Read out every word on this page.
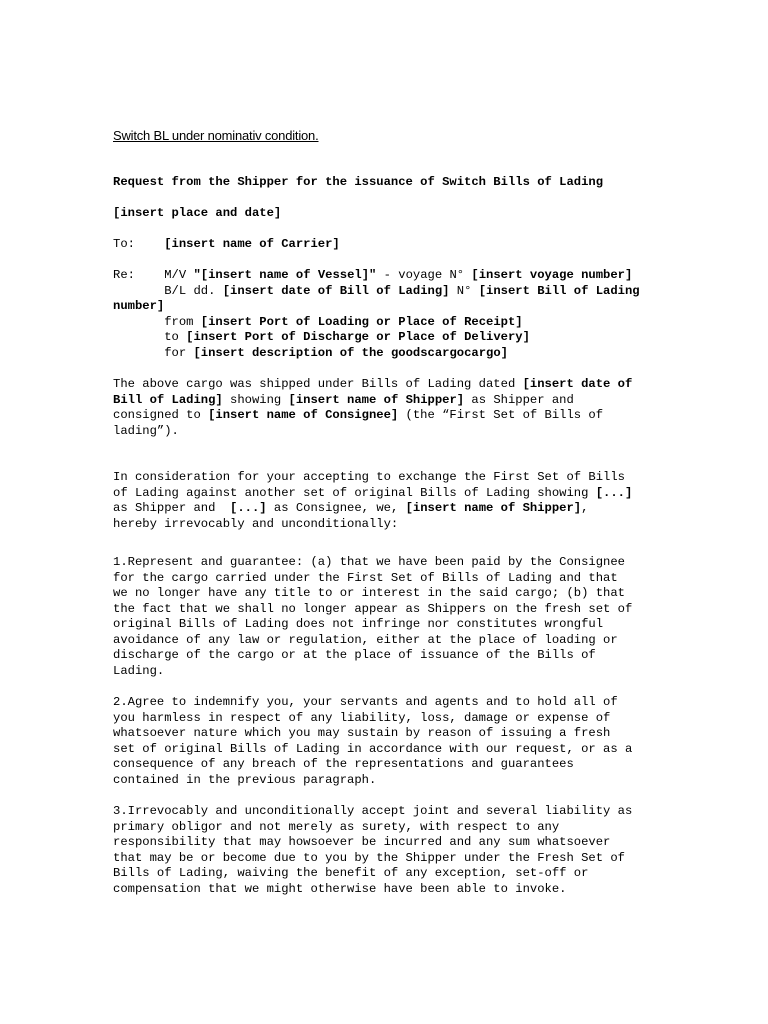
Switch BL under nominativ condition.
Request from the Shipper for the issuance of Switch Bills of Lading
[insert place and date]
To: [insert name of Carrier]
Re: M/V "[insert name of Vessel]" - voyage N° [insert voyage number]
B/L dd. [insert date of Bill of Lading] N° [insert Bill of Lading
number]
from [insert Port of Loading or Place of Receipt]
to [insert Port of Discharge or Place of Delivery]
for [insert description of the goodscargocargo]
The above cargo was shipped under Bills of Lading dated [insert date of
Bill of Lading] showing [insert name of Shipper] as Shipper and
consigned to [insert name of Consignee] (the “First Set of Bills of
lading”).
In consideration for your accepting to exchange the First Set of Bills
of Lading against another set of original Bills of Lading showing [...]
as Shipper and  [...] as Consignee, we, [insert name of Shipper],
hereby irrevocably and unconditionally:
1.Represent and guarantee: (a) that we have been paid by the Consignee
for the cargo carried under the First Set of Bills of Lading and that
we no longer have any title to or interest in the said cargo; (b) that
the fact that we shall no longer appear as Shippers on the fresh set of
original Bills of Lading does not infringe nor constitutes wrongful
avoidance of any law or regulation, either at the place of loading or
discharge of the cargo or at the place of issuance of the Bills of
Lading.
2.Agree to indemnify you, your servants and agents and to hold all of
you harmless in respect of any liability, loss, damage or expense of
whatsoever nature which you may sustain by reason of issuing a fresh
set of original Bills of Lading in accordance with our request, or as a
consequence of any breach of the representations and guarantees
contained in the previous paragraph.
3.Irrevocably and unconditionally accept joint and several liability as
primary obligor and not merely as surety, with respect to any
responsibility that may howsoever be incurred and any sum whatsoever
that may be or become due to you by the Shipper under the Fresh Set of
Bills of Lading, waiving the benefit of any exception, set-off or
compensation that we might otherwise have been able to invoke.
